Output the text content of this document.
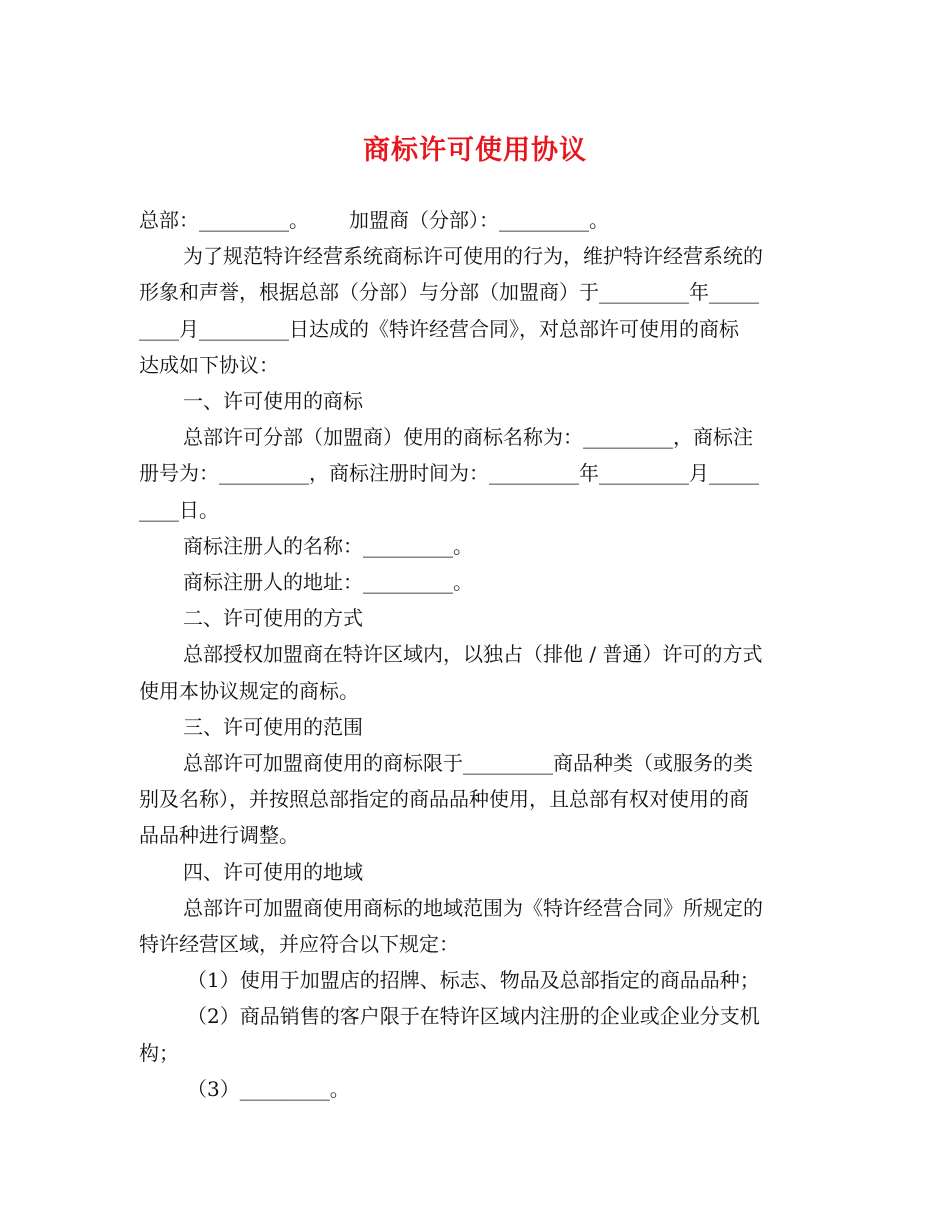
商标许可使用协议
总部：_________。 加盟商（分部）：_________。
为了规范特许经营系统商标许可使用的行为，维护特许经营系统的
形象和声誉，根据总部（分部）与分部（加盟商）于_________年_____
____月_________日达成的《特许经营合同》，对总部许可使用的商标
达成如下协议：
一、许可使用的商标
总部许可分部（加盟商）使用的商标名称为：_________，商标注
册号为：_________，商标注册时间为：_________年_________月_____
____日。
商标注册人的名称：_________。
商标注册人的地址：_________。
二、许可使用的方式
总部授权加盟商在特许区域内，以独占（排他 / 普通）许可的方式
使用本协议规定的商标。
三、许可使用的范围
总部许可加盟商使用的商标限于_________商品种类（或服务的类
别及名称），并按照总部指定的商品品种使用，且总部有权对使用的商
品品种进行调整。
四、许可使用的地域
总部许可加盟商使用商标的地域范围为《特许经营合同》所规定的
特许经营区域，并应符合以下规定：
（1）使用于加盟店的招牌、标志、物品及总部指定的商品品种；
（2）商品销售的客户限于在特许区域内注册的企业或企业分支机
构；
（3）_________。
